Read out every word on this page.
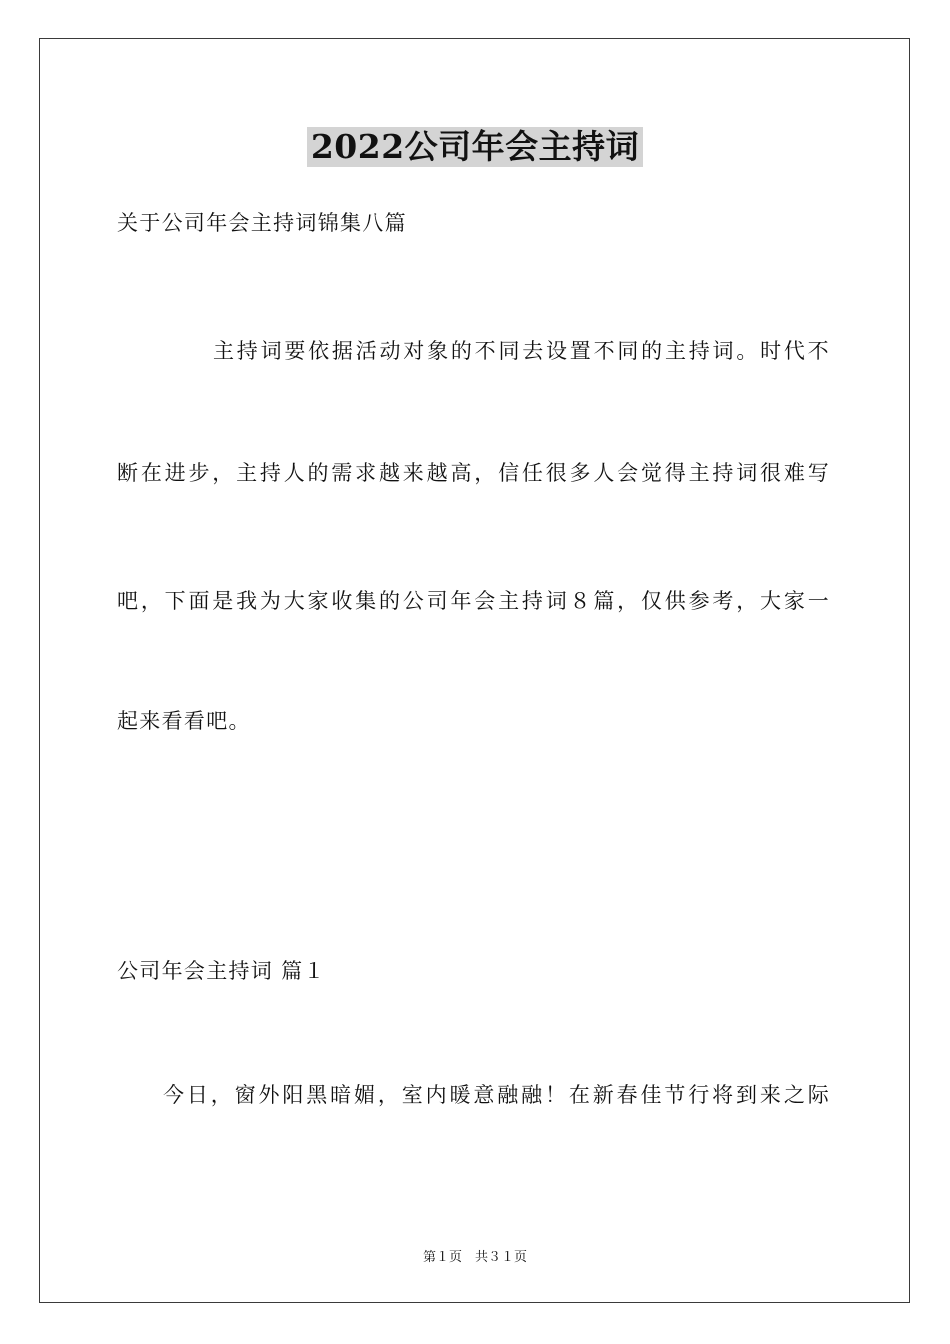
2022公司年会主持词
关于公司年会主持词锦集八篇
主持词要依据活动对象的不同去设置不同的主持词。时代不
断在进步，主持人的需求越来越高，信任很多人会觉得主持词很难写
吧，下面是我为大家收集的公司年会主持词８篇，仅供参考，大家一
起来看看吧。
公司年会主持词 篇１
今日，窗外阳黑暗媚，室内暖意融融！在新春佳节行将到来之际
第１页　共３１页
